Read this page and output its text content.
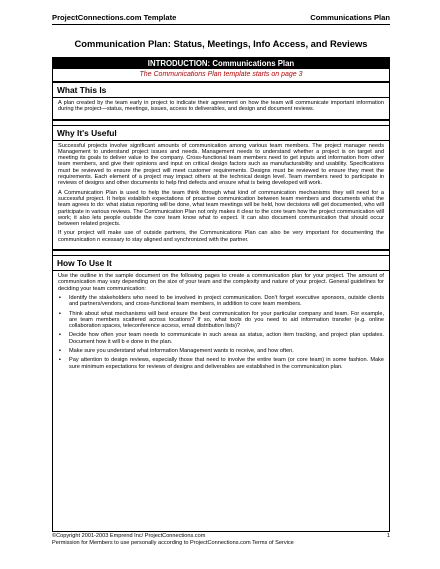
ProjectConnections.com Template	Communications Plan
Communication Plan: Status, Meetings, Info Access, and Reviews
INTRODUCTION: Communications Plan
The Communications Plan template starts on page 3
What This Is

A plan created by the team early in project to indicate their agreement on how the team will communicate important information during the project—status, meetings, issues, access to deliverables, and design and document reviews.

Why It's Useful

Successful projects involve significant amounts of communication among various team members. The project manager needs Management to understand project issues and needs. Management needs to understand whether a project is on target and meeting its goals to deliver value to the company. Cross-functional team members need to get inputs and information from other team members, and give their opinions and input on critical design factors such as manufacturability and usability. Specifications must be reviewed to ensure the project will meet customer requirements. Designs must be reviewed to ensure they meet the requirements. Each element of a project may impact others at the technical design level. Team members need to participate in reviews of designs and other documents to help find defects and ensure what is being developed will work.

A Communication Plan is used to help the team think through what kind of communication mechanisms they will need for a successful project. It helps establish expectations of proactive communication between team members and documents what the team agrees to do: what status reporting will be done, what team meetings will be held, how decisions will get documented, who will participate in various reviews. The Communication Plan not only makes it clear to the core team how the project communication will work; it also lets people outside the core team know what to expect. It can also document communication that should occur between related projects.

If your project will make use of outside partners, the Communications Plan can also be very important for documenting the communication n ecessary to stay aligned and synchronized with the partner.

How To Use It

Use the outline in the sample document on the following pages to create a communication plan for your project. The amount of communication may vary depending on the size of your team and the complexity and nature of your project. General guidelines for deciding your team communication:

▪ Identify the stakeholders who need to be involved in project communication. Don't forget executive sponsors, outside clients and partners/vendors, and cross-functional team members, in addition to core team members.
▪ Think about what mechanisms will best ensure the best communication for your particular company and team. For example, are team members scattered across locations? If so, what tools do you need to aid information transfer (e.g. online collaboration spaces, teleconference access, email distribution lists)?
▪ Decide how often your team needs to communicate in such areas as status, action item tracking, and project plan updates. Document how it will b e done in the plan.
▪ Make sure you understand what information Management wants to receive, and how often.
▪ Pay attention to design reviews, especially those that need to involve the entire team (or core team) in some fashion. Make sure minimum expectations for reviews of designs and deliverables are established in the communication plan.
©Copyright 2001-2003 Emprend Inc/ ProjectConnections.com	1
Permission for Members to use personally according to ProjectConnections.com Terms of Service
